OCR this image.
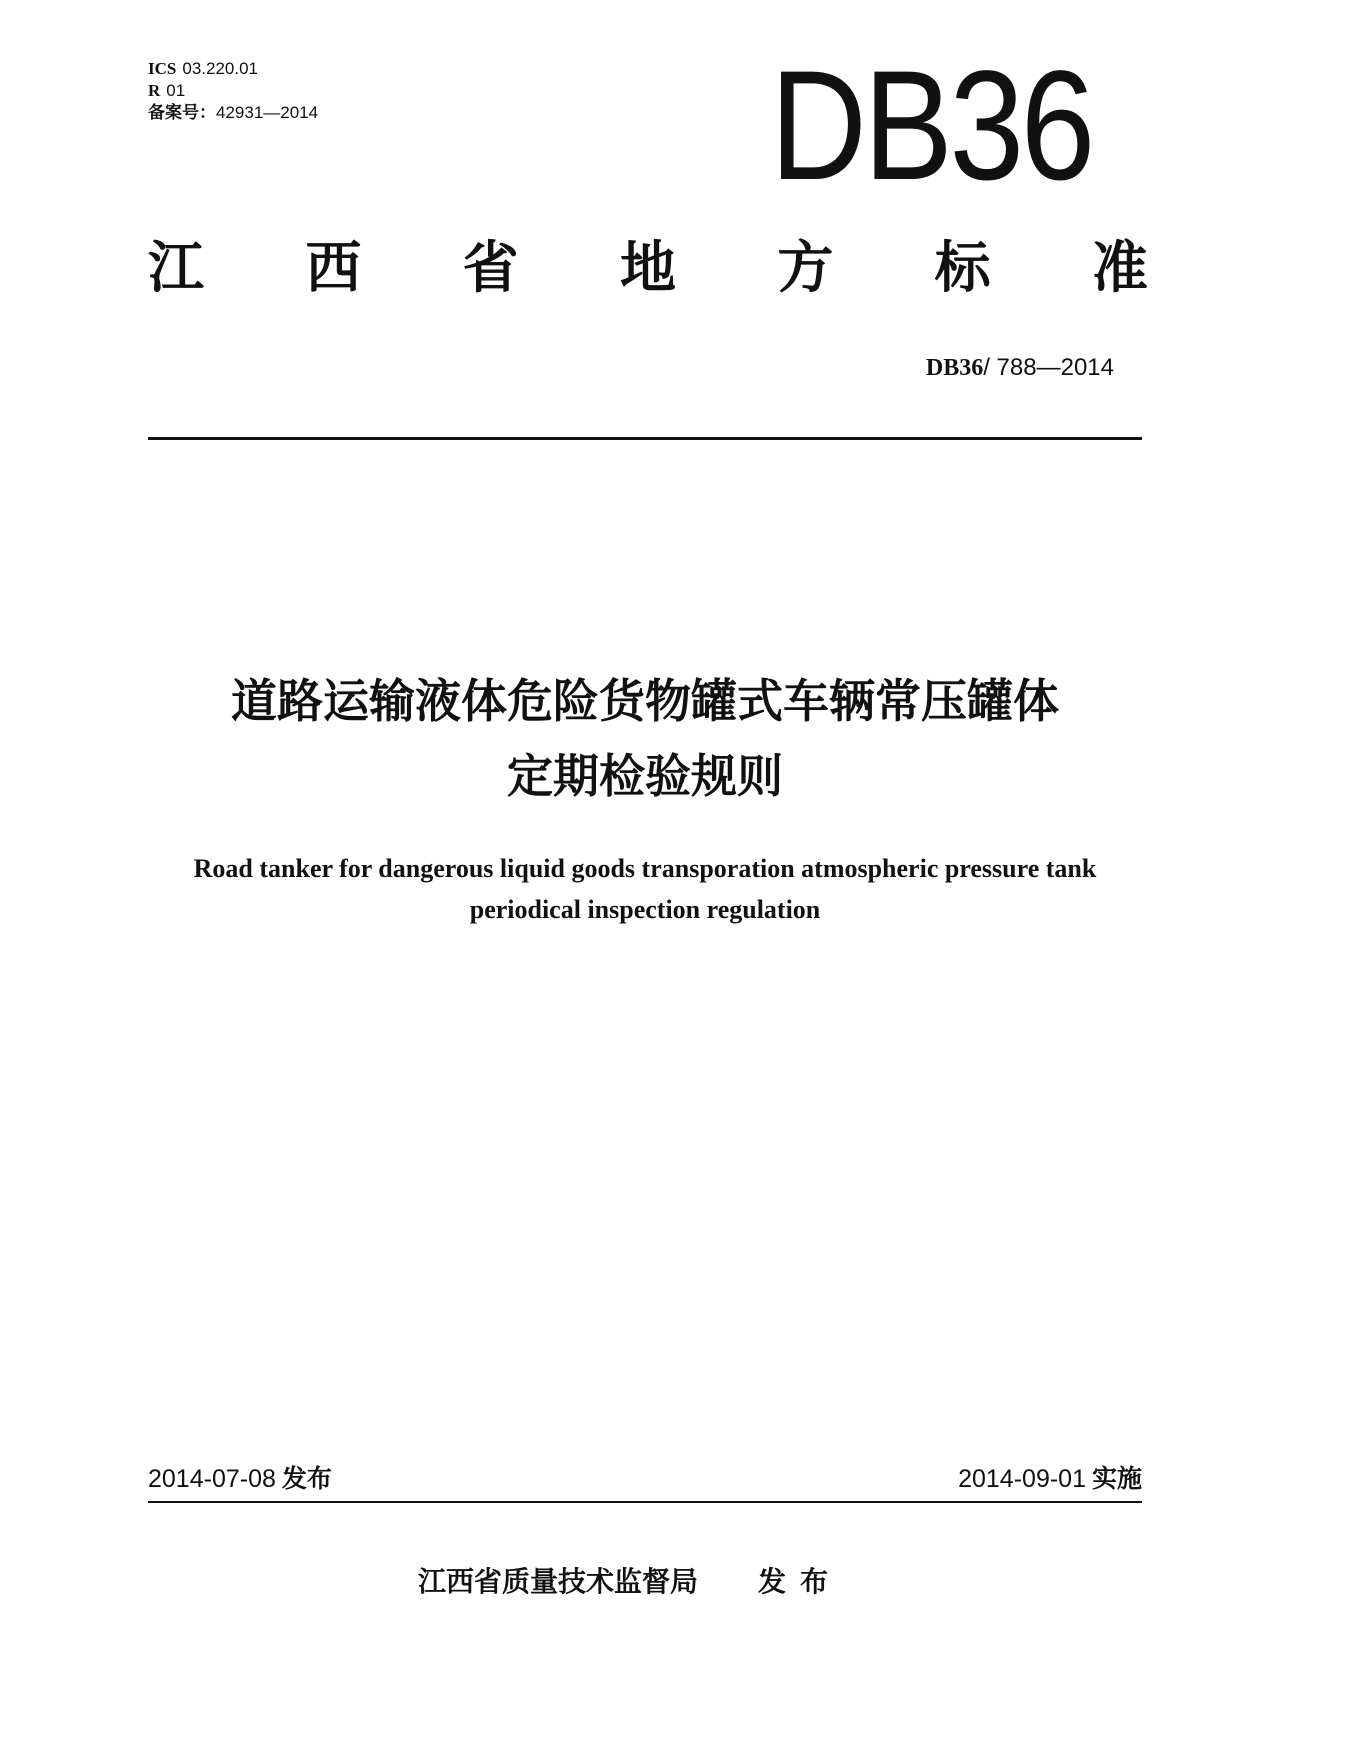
ICS 03.220.01
R 01
备案号：42931—2014	DB36
江 西 省 地 方 标 准
DB36/ 788—2014
道路运输液体危险货物罐式车辆常压罐体
定期检验规则
Road tanker for dangerous liquid goods transporation atmospheric pressure tank
periodical inspection regulation
2014-07-08 发布	2014-09-01 实施
江西省质量技术监督局 发布
